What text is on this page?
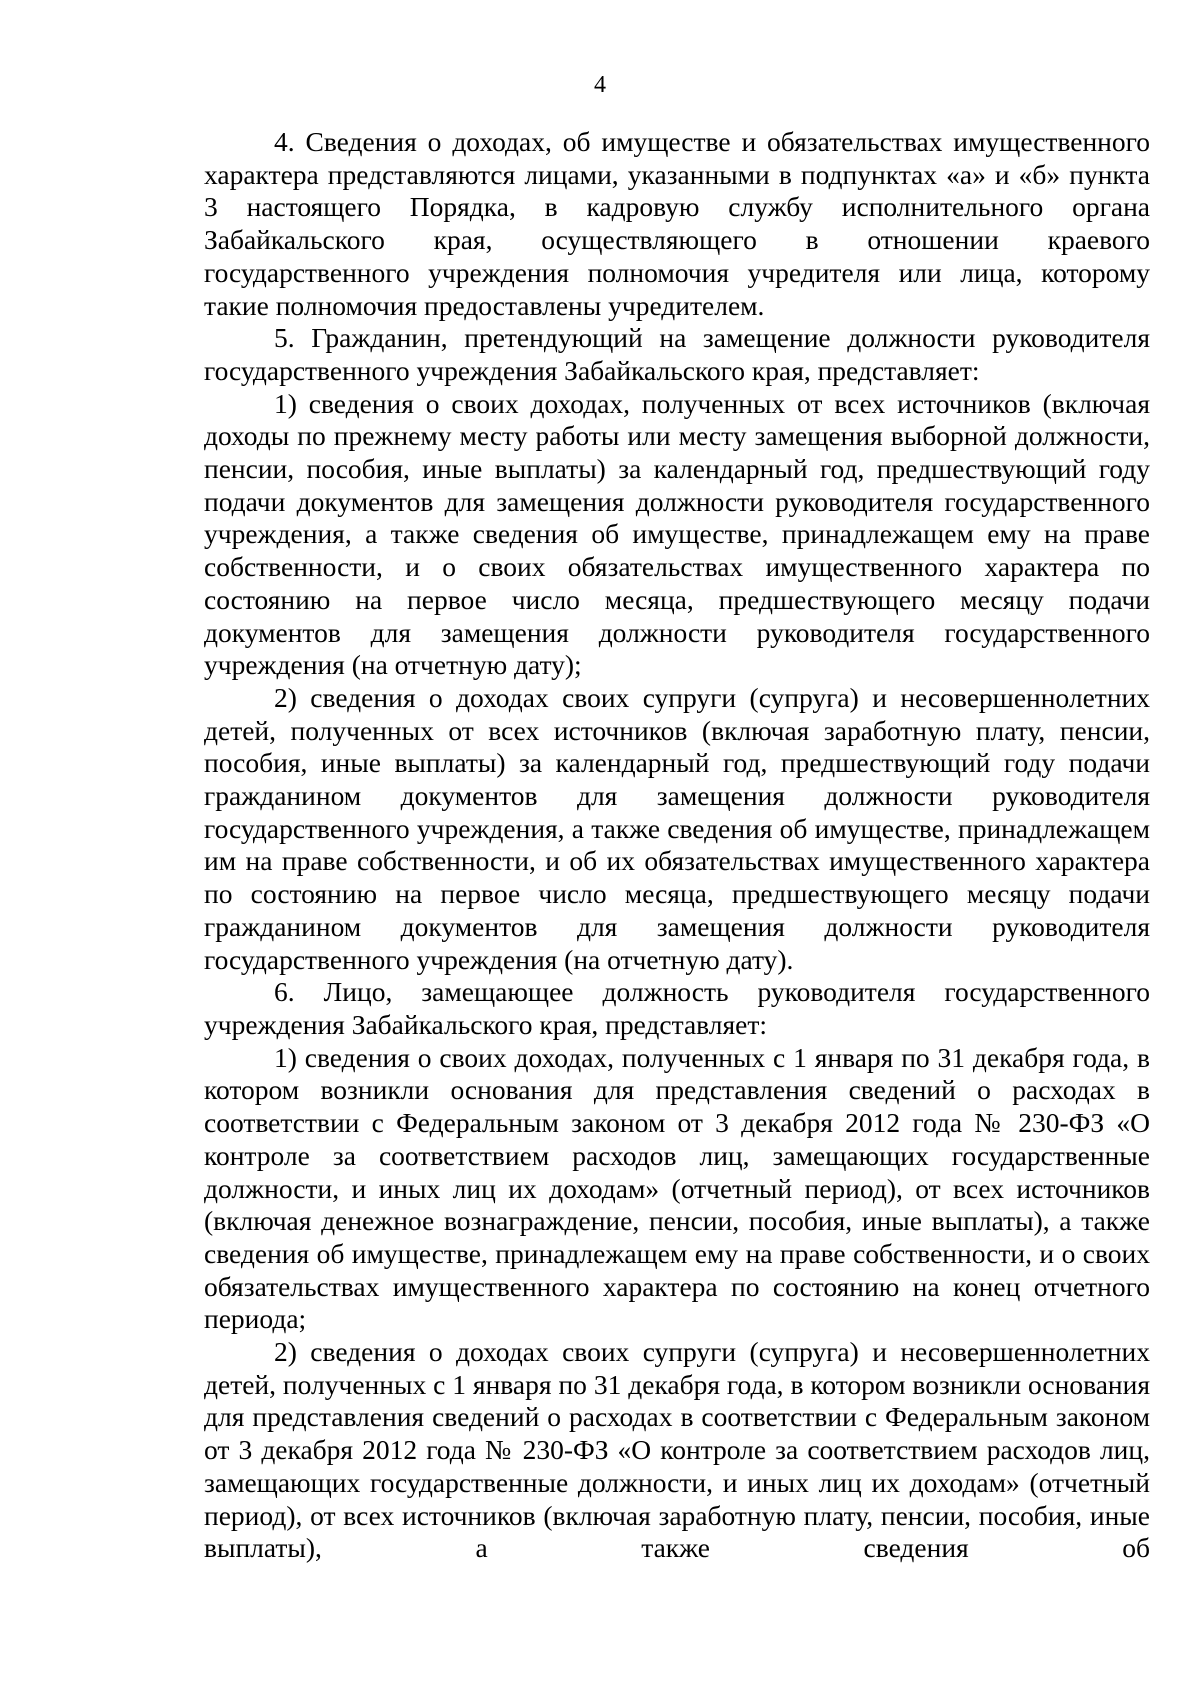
4

4. Сведения о доходах, об имуществе и обязательствах имущественного характера представляются лицами, указанными в подпунктах «а» и «б» пункта 3 настоящего Порядка, в кадровую службу исполнительного органа Забайкальского края, осуществляющего в отношении краевого государственного учреждения полномочия учредителя или лица, которому такие полномочия предоставлены учредителем.

5. Гражданин, претендующий на замещение должности руководителя государственного учреждения Забайкальского края, представляет:

1) сведения о своих доходах, полученных от всех источников (включая доходы по прежнему месту работы или месту замещения выборной должности, пенсии, пособия, иные выплаты) за календарный год, предшествующий году подачи документов для замещения должности руководителя государственного учреждения, а также сведения об имуществе, принадлежащем ему на праве собственности, и о своих обязательствах имущественного характера по состоянию на первое число месяца, предшествующего месяцу подачи документов для замещения должности руководителя государственного учреждения (на отчетную дату);

2) сведения о доходах своих супруги (супруга) и несовершеннолетних детей, полученных от всех источников (включая заработную плату, пенсии, пособия, иные выплаты) за календарный год, предшествующий году подачи гражданином документов для замещения должности руководителя государственного учреждения, а также сведения об имуществе, принадлежащем им на праве собственности, и об их обязательствах имущественного характера по состоянию на первое число месяца, предшествующего месяцу подачи гражданином документов для замещения должности руководителя государственного учреждения (на отчетную дату).

6. Лицо, замещающее должность руководителя государственного учреждения Забайкальского края, представляет:

1) сведения о своих доходах, полученных с 1 января по 31 декабря года, в котором возникли основания для представления сведений о расходах в соответствии с Федеральным законом от 3 декабря 2012 года № 230-ФЗ «О контроле за соответствием расходов лиц, замещающих государственные должности, и иных лиц их доходам» (отчетный период), от всех источников (включая денежное вознаграждение, пенсии, пособия, иные выплаты), а также сведения об имуществе, принадлежащем ему на праве собственности, и о своих обязательствах имущественного характера по состоянию на конец отчетного периода;

2) сведения о доходах своих супруги (супруга) и несовершеннолетних детей, полученных с 1 января по 31 декабря года, в котором возникли основания для представления сведений о расходах в соответствии с Федеральным законом от 3 декабря 2012 года № 230-ФЗ «О контроле за соответствием расходов лиц, замещающих государственные должности, и иных лиц их доходам» (отчетный период), от всех источников (включая заработную плату, пенсии, пособия, иные выплаты), а также сведения об
